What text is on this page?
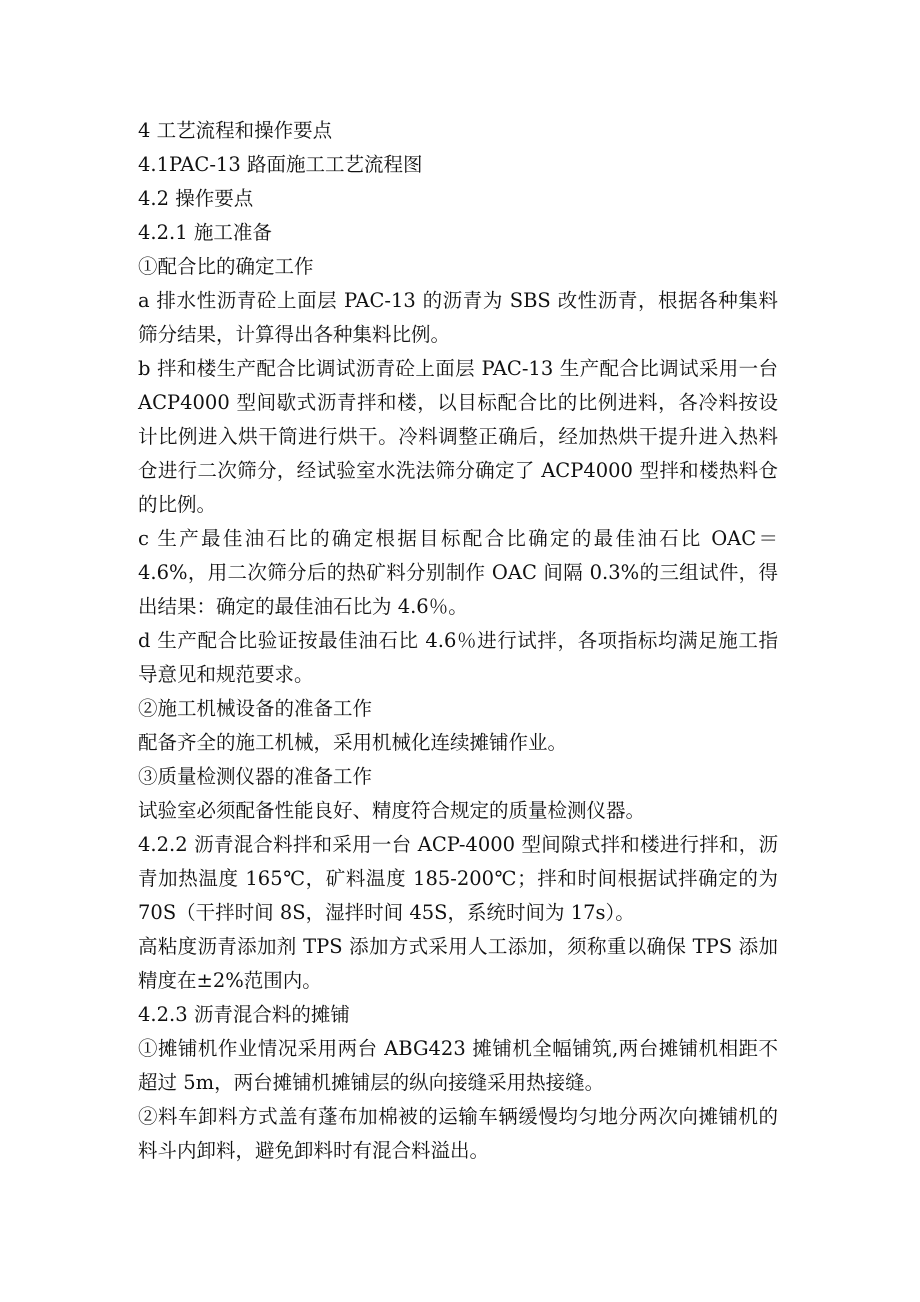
4 工艺流程和操作要点

4.1PAC-13 路面施工工艺流程图

4.2 操作要点

4.2.1 施工准备

①配合比的确定工作

a 排水性沥青砼上面层 PAC-13 的沥青为 SBS 改性沥青，根据各种集料筛分结果，计算得出各种集料比例。

b 拌和楼生产配合比调试沥青砼上面层 PAC-13 生产配合比调试采用一台 ACP4000 型间歇式沥青拌和楼，以目标配合比的比例进料，各冷料按设计比例进入烘干筒进行烘干。冷料调整正确后，经加热烘干提升进入热料仓进行二次筛分，经试验室水洗法筛分确定了 ACP4000 型拌和楼热料仓的比例。

c 生产最佳油石比的确定根据目标配合比确定的最佳油石比 OAC＝4.6%，用二次筛分后的热矿料分别制作 OAC 间隔 0.3%的三组试件，得出结果：确定的最佳油石比为 4.6％。

d 生产配合比验证按最佳油石比 4.6％进行试拌，各项指标均满足施工指导意见和规范要求。

②施工机械设备的准备工作

配备齐全的施工机械，采用机械化连续摊铺作业。

③质量检测仪器的准备工作

试验室必须配备性能良好、精度符合规定的质量检测仪器。

4.2.2 沥青混合料拌和采用一台 ACP-4000 型间隙式拌和楼进行拌和，沥青加热温度 165℃，矿料温度 185-200℃；拌和时间根据试拌确定的为 70S（干拌时间 8S，湿拌时间 45S，系统时间为 17s）。

高粘度沥青添加剂 TPS 添加方式采用人工添加，须称重以确保 TPS 添加精度在±2%范围内。

4.2.3 沥青混合料的摊铺

①摊铺机作业情况采用两台 ABG423 摊铺机全幅铺筑,两台摊铺机相距不超过 5m，两台摊铺机摊铺层的纵向接缝采用热接缝。

②料车卸料方式盖有蓬布加棉被的运输车辆缓慢均匀地分两次向摊铺机的料斗内卸料，避免卸料时有混合料溢出。
